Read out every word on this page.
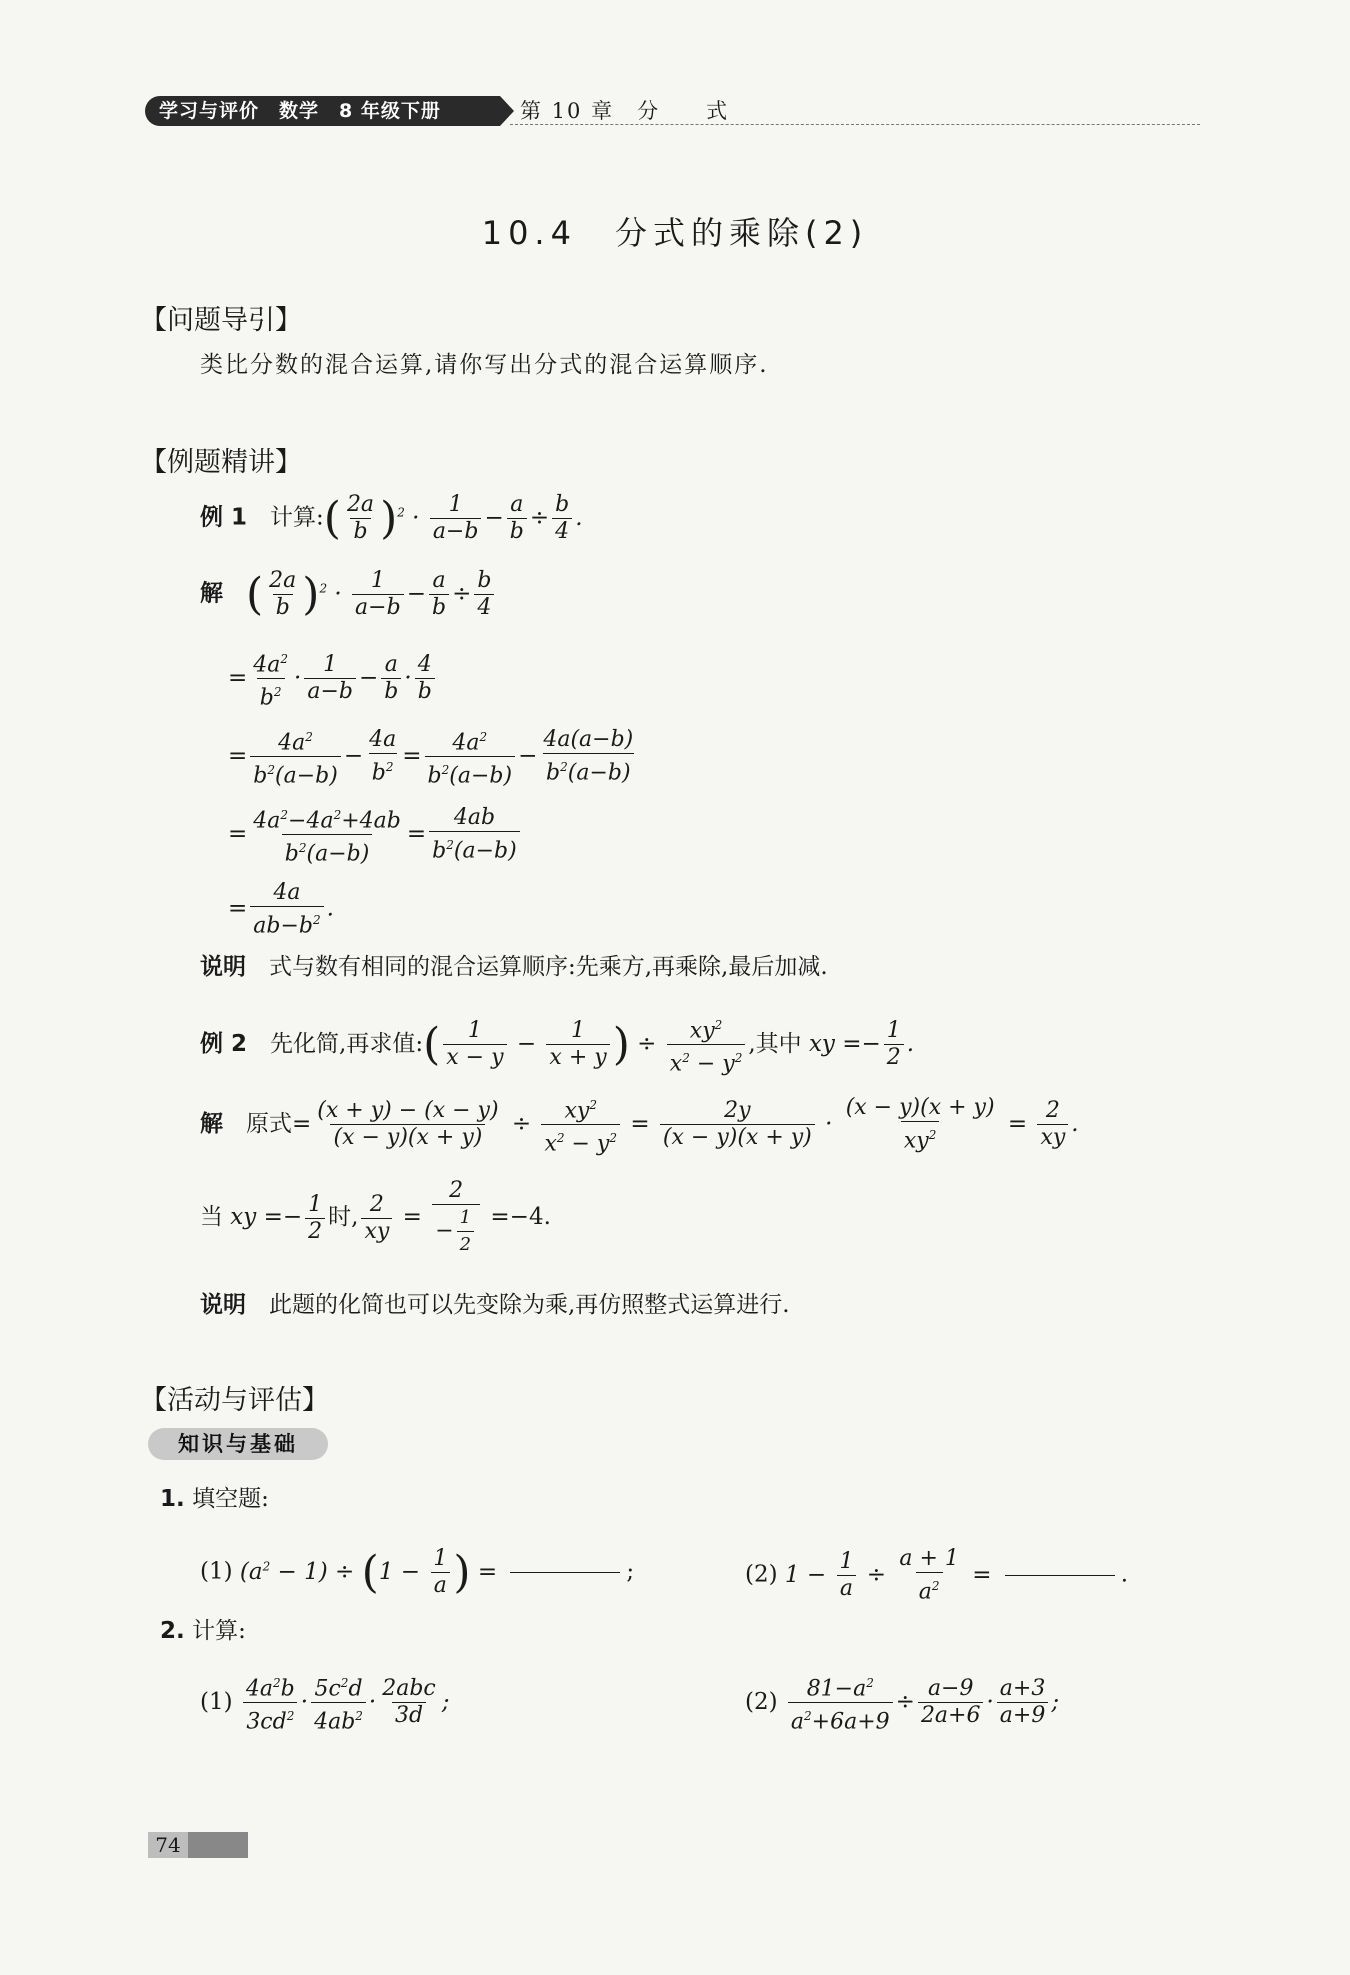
学习与评价　数学　8 年级下册	第 10 章　分　　式
10.4　分式的乘除(2)
【问题导引】
类比分数的混合运算,请你写出分式的混合运算顺序.
【例题精讲】
例 1　 计算:( $\frac{2a}{b} )^2 \cdot \frac{1}{a-b} - \frac{a}{b} \div \frac{b}{4}$ .
解　 ( $\frac{2a}{b} )^2 \cdot \frac{1}{a-b} - \frac{a}{b} \div \frac{b}{4}$
= $\frac{4a^2}{b^2} \cdot \frac{1}{a-b} - \frac{a}{b} \cdot \frac{4}{b}$
= $\frac{4a^2}{b^2(a-b)} - \frac{4a}{b^2} = \frac{4a^2}{b^2(a-b)} - \frac{4a(a-b)}{b^2(a-b)}$
= $\frac{4a^2-4a^2+4ab}{b^2(a-b)} = \frac{4ab}{b^2(a-b)}$
= $\frac{4a}{ab-b^2}$ .
说明　 式与数有相同的混合运算顺序:先乘方,再乘除,最后加减.
例 2　 先化简,再求值:( $\frac{1}{x - y} - \frac{1}{x + y}$ ) ÷ $\frac{xy^2}{x^2 - y^2}$ ,其中 xy =− $\frac{1}{2}$ .
解　 原式= $\frac{(x + y) - (x - y)}{(x - y)(x + y)} \div \frac{xy^2}{x^2 - y^2} = \frac{2y}{(x - y)(x + y)} \cdot \frac{(x - y)(x + y)}{xy^2} = \frac{2}{xy}$ .
当 xy =− $\frac{1}{2}$ 时, $\frac{2}{xy} = \frac{2}{- \frac{1}{2}} =-4$.
说明　 此题的化简也可以先变除为乘,再仿照整式运算进行.
【活动与评估】
知识与基础
1. 填空题:
(1) $(a^2 - 1) \div (1 - \frac{1}{a}$ ) =	;	(2) $1 - \frac{1}{a} \div \frac{a + 1}{a^2}$ =	.
2. 计算:
$(1) \frac{4a^2b}{3cd^2} \cdot \frac{5c^2d}{4ab^2} \cdot \frac{\text{2abc}}{3d}$ ;	$(2) \frac{81-a^2}{a^2+6a+9} \div \frac{a-9}{2a+6} \cdot \frac{a+3}{a+9}$ ;
74
